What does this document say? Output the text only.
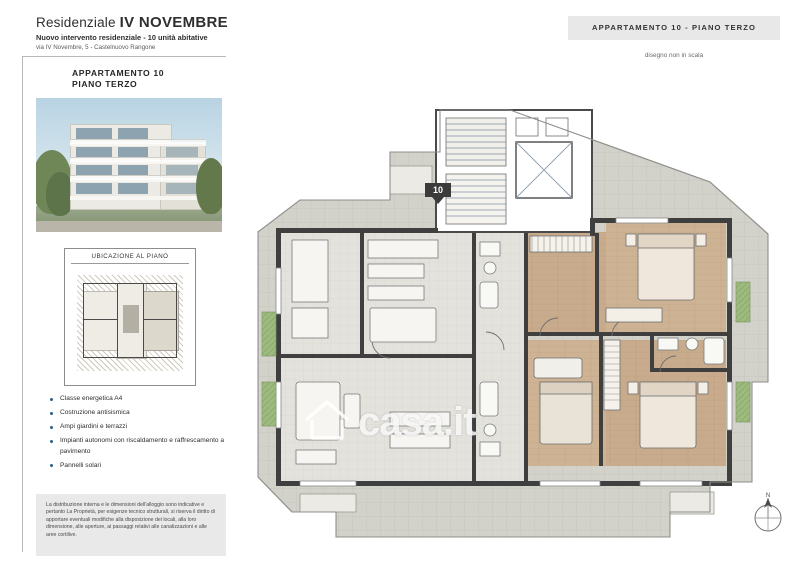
Residenziale IV NOVEMBRE
Nuovo intervento residenziale - 10 unità abitative
via IV Novembre, 5 - Castelnuovo Rangone
APPARTAMENTO 10
PIANO TERZO
UBICAZIONE AL PIANO
Classe energetica A4
Costruzione antisismica
Ampi giardini e terrazzi
Impianti autonomi con riscaldamento e raffrescamento a pavimento
Pannelli solari

La distribuzione interna e le dimensioni dell'alloggio sono indicative e pertanto La Proprietà, per esigenze tecnico strutturali, si riserva il diritto di apportare eventuali modifiche alla disposizione dei locali, alla loro dimensione, alle aperture, ai passaggi relativi alle canalizzazioni e alle aree cortilive.

APPARTAMENTO 10 - PIANO TERZO
disegno non in scala
10
casa.it
N
